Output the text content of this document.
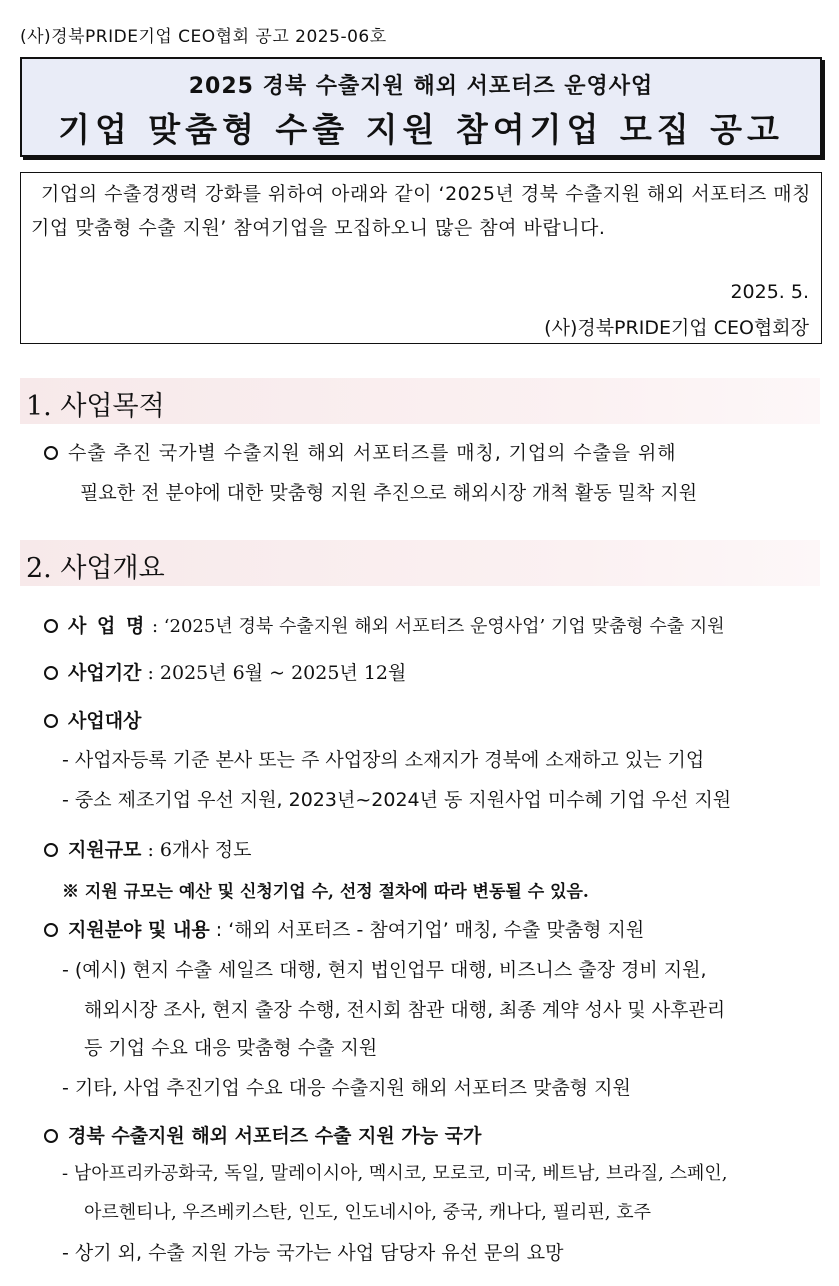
(사)경북PRIDE기업 CEO협회 공고 2025-06호
2025 경북 수출지원 해외 서포터즈 운영사업
기업 맞춤형 수출 지원 참여기업 모집 공고
기업의 수출경쟁력 강화를 위하여 아래와 같이 ‘2025년 경북 수출지원 해외 서포터즈 매칭 기업 맞춤형 수출 지원’ 참여기업을 모집하오니 많은 참여 바랍니다.
2025. 5.
(사)경북PRIDE기업 CEO협회장
1. 사업목적
수출 추진 국가별 수출지원 해외 서포터즈를 매칭, 기업의 수출을 위해
필요한 전 분야에 대한 맞춤형 지원 추진으로 해외시장 개척 활동 밀착 지원
2. 사업개요
사 업 명 : ‘2025년 경북 수출지원 해외 서포터즈 운영사업’ 기업 맞춤형 수출 지원
사업기간 : 2025년 6월 ~ 2025년 12월
사업대상
- 사업자등록 기준 본사 또는 주 사업장의 소재지가 경북에 소재하고 있는 기업
- 중소 제조기업 우선 지원, 2023년~2024년 동 지원사업 미수혜 기업 우선 지원
지원규모 : 6개사 정도
※ 지원 규모는 예산 및 신청기업 수, 선정 절차에 따라 변동될 수 있음.
지원분야 및 내용 : ‘해외 서포터즈 - 참여기업’ 매칭, 수출 맞춤형 지원
- (예시) 현지 수출 세일즈 대행, 현지 법인업무 대행, 비즈니스 출장 경비 지원,
해외시장 조사, 현지 출장 수행, 전시회 참관 대행, 최종 계약 성사 및 사후관리
등 기업 수요 대응 맞춤형 수출 지원
- 기타, 사업 추진기업 수요 대응 수출지원 해외 서포터즈 맞춤형 지원
경북 수출지원 해외 서포터즈 수출 지원 가능 국가
- 남아프리카공화국, 독일, 말레이시아, 멕시코, 모로코, 미국, 베트남, 브라질, 스페인,
아르헨티나, 우즈베키스탄, 인도, 인도네시아, 중국, 캐나다, 필리핀, 호주
- 상기 외, 수출 지원 가능 국가는 사업 담당자 유선 문의 요망
